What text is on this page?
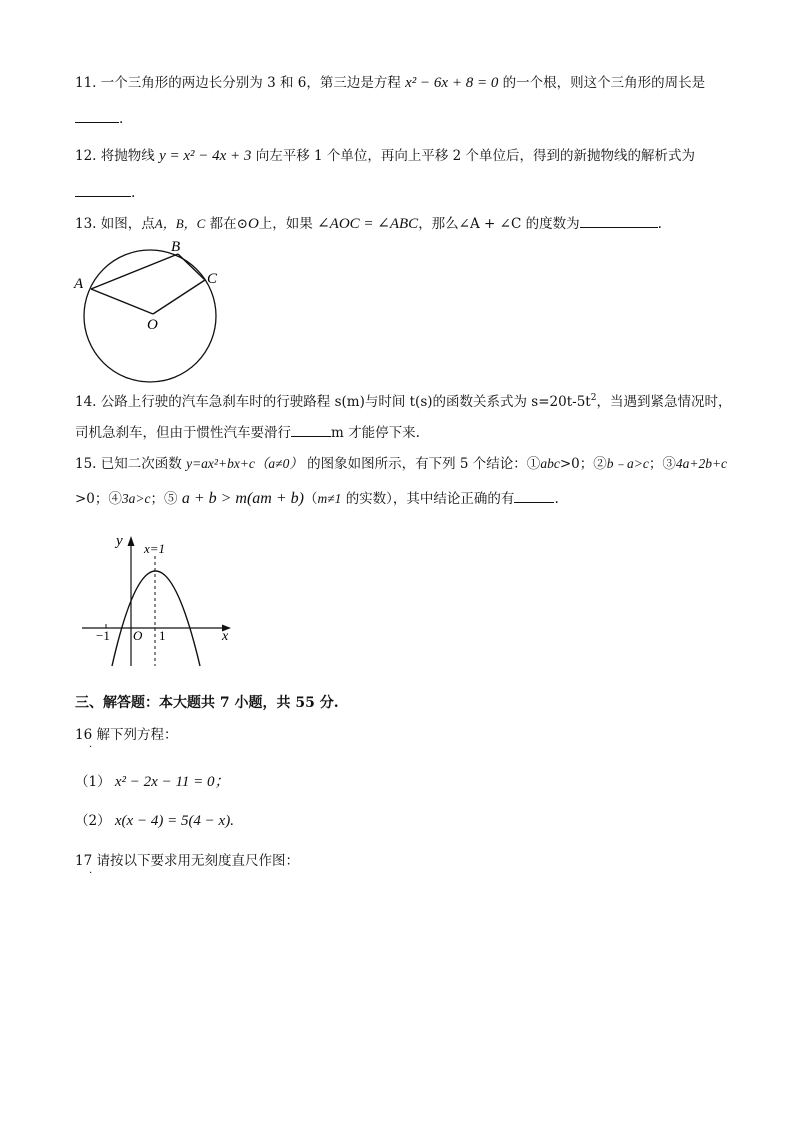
11. 一个三角形的两边长分别为 3 和 6，第三边是方程 x² − 6x + 8 = 0 的一个根，则这个三角形的周长是
.
12. 将抛物线 y = x² − 4x + 3 向左平移 1 个单位，再向上平移 2 个单位后，得到的新抛物线的解析式为
.
13. 如图，点A，B，C 都在⊙O上，如果 ∠AOC = ∠ABC，那么∠A + ∠C 的度数为	.
A
B
C
O
14. 公路上行驶的汽车急刹车时的行驶路程 s(m)与时间 t(s)的函数关系式为 $s=20t-5t^2$，当遇到紧急情况时，
司机急刹车，但由于惯性汽车要滑行	m 才能停下来.
15. 已知二次函数 y=ax²+bx+c（a≠0） 的图象如图所示，有下列 5 个结论：①abc>0；②b﹣a>c；③4a+2b+c
>0；④3a>c；⑤ a + b > m(am + b)（m≠1 的实数），其中结论正确的有	.
y
x
x=1
O
−1	1
三、解答题：本大题共 7 小题，共 55 分.
16 解下列方程：
·
（1） x² − 2x − 11 = 0；
（2） x(x − 4) = 5(4 − x).
17 请按以下要求用无刻度直尺作图：
·
